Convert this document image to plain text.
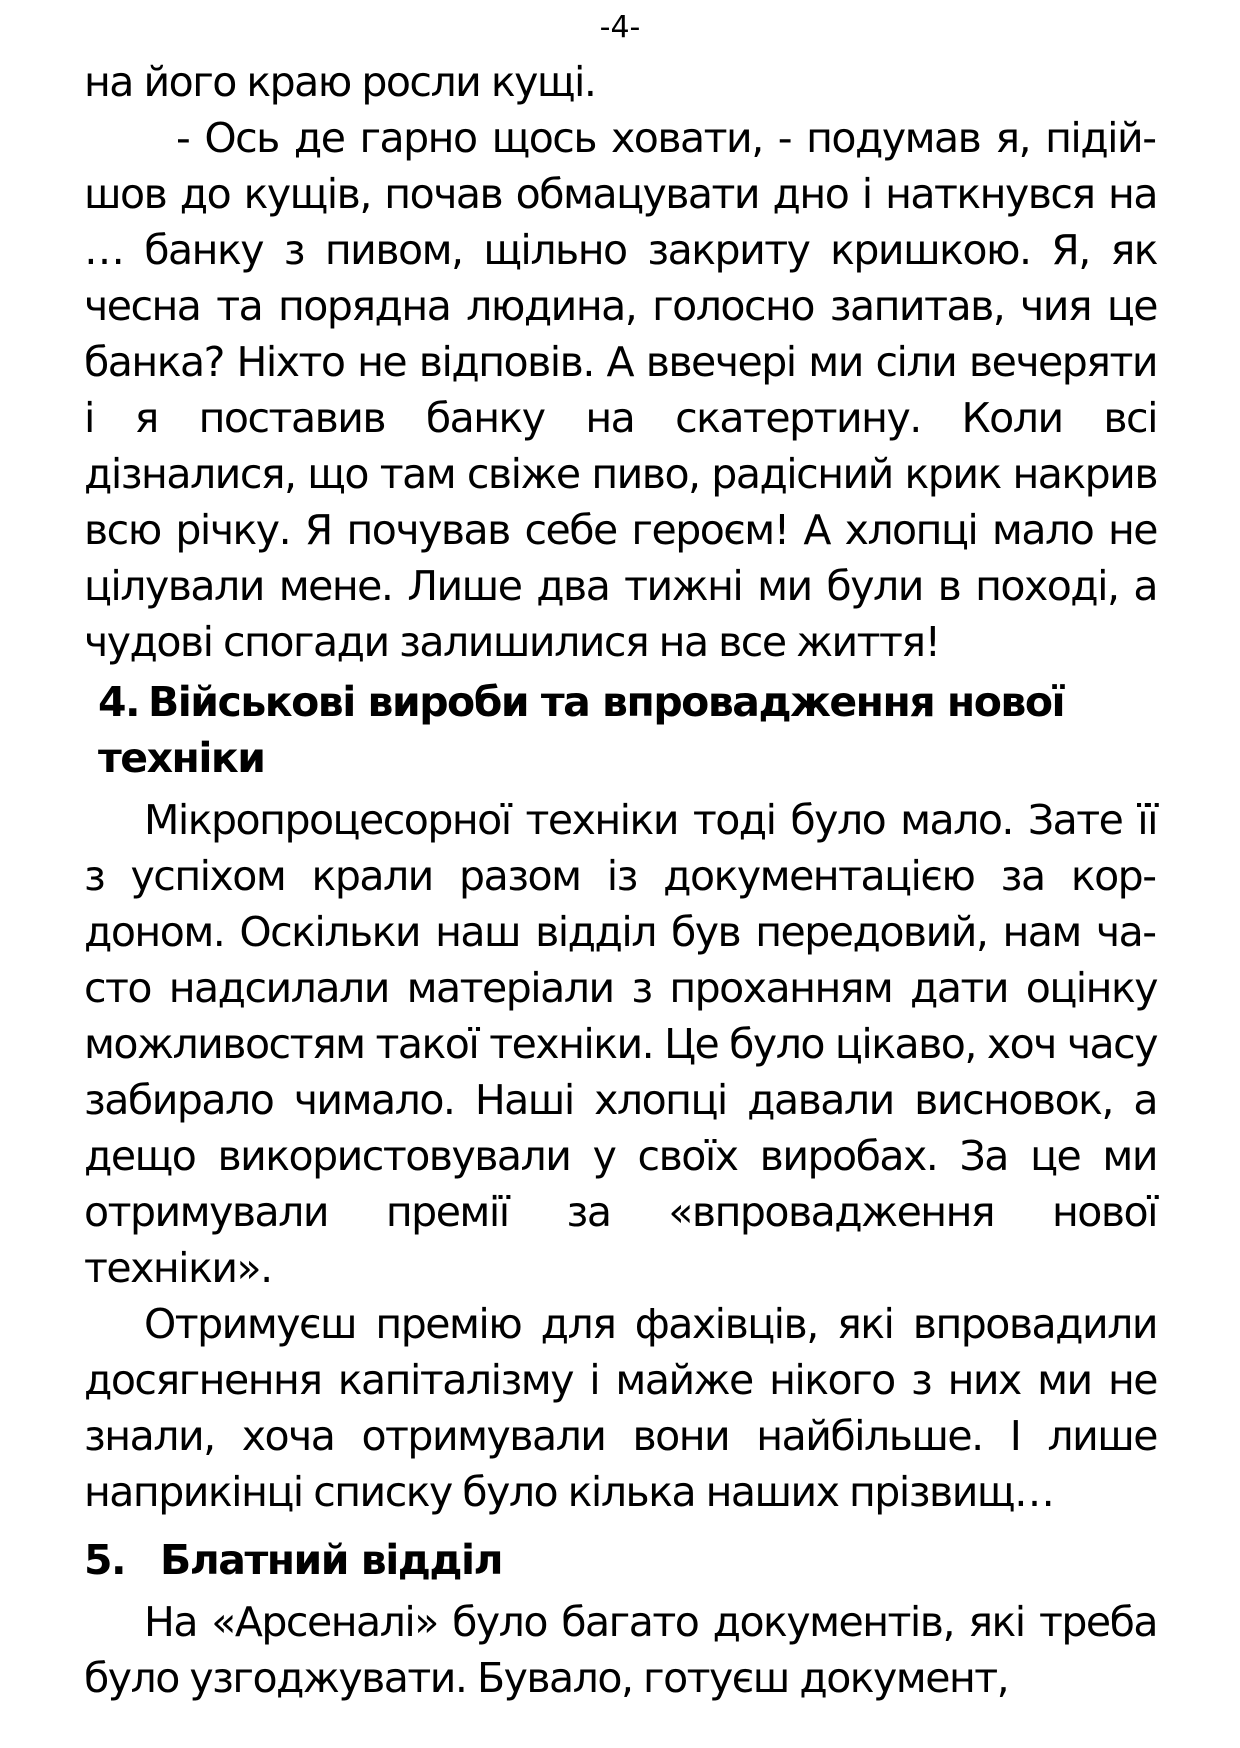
-4-

на його краю росли кущі.

- Ось де гарно щось ховати, - подумав я, підійшов до кущів, почав обмацувати дно і наткнувся на … банку з пивом, щільно закриту кришкою. Я, як чесна та порядна людина, голосно запитав, чия це банка? Ніхто не відповів. А ввечері ми сіли вечеряти і я поставив банку на скатертину. Коли всі дізналися, що там свіже пиво, радісний крик накрив всю річку. Я почував себе героєм! А хлопці мало не цілували мене. Лише два тижні ми були в поході, а чудові спогади залишилися на все життя!

4. Військові вироби та впровадження нової техніки

Мікропроцесорної техніки тоді було мало. Зате її з успіхом крали разом із документацією за кордоном. Оскільки наш відділ був передовий, нам часто надсилали матеріали з проханням дати оцінку можливостям такої техніки. Це було цікаво, хоч часу забирало чимало. Наші хлопці давали висновок, а дещо використовували у своїх виробах. За це ми отримували премії за «впровадження нової техніки».

Отримуєш премію для фахівців, які впровадили досягнення капіталізму і майже нікого з них ми не знали, хоча отримували вони найбільше. І лише наприкінці списку було кілька наших прізвищ…

5. Блатний відділ

На «Арсеналі» було багато документів, які треба було узгоджувати. Бувало, готуєш документ,
